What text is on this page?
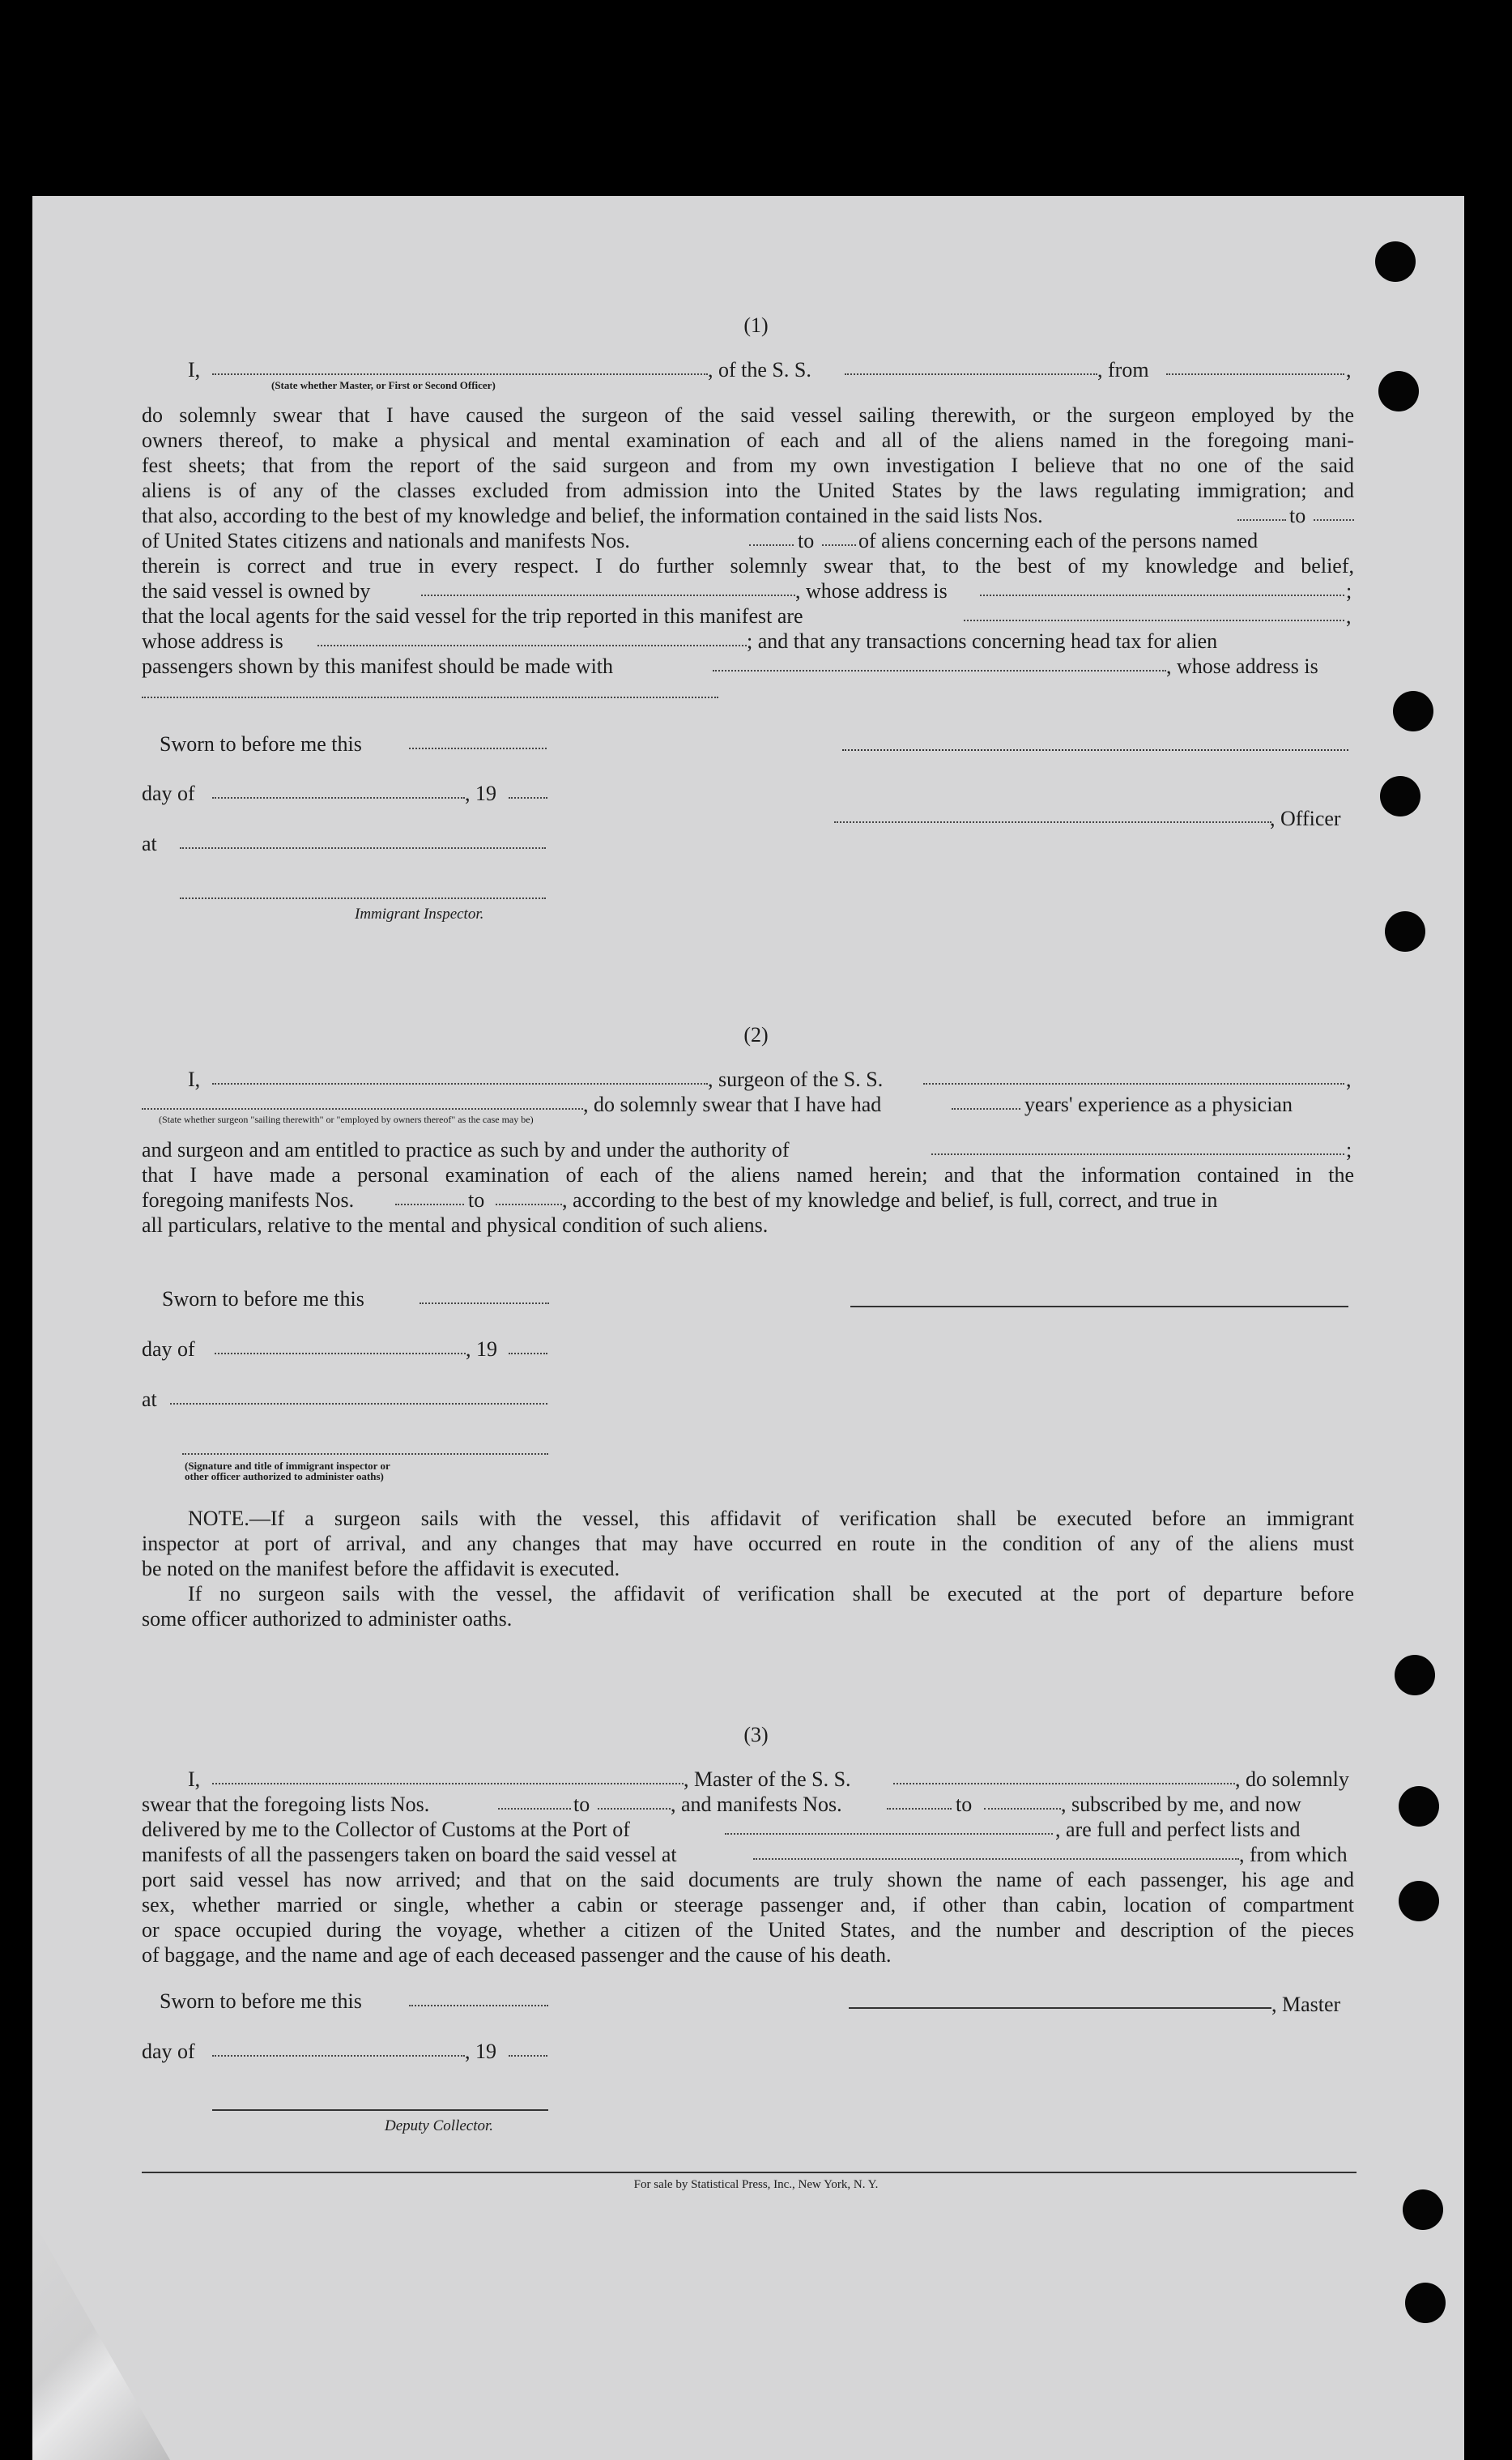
(1)
I,	, of the S. S.	, from	,
(State whether Master, or First or Second Officer)
do solemnly swear that I have caused the surgeon of the said vessel sailing therewith, or the surgeon employed by the
owners thereof, to make a physical and mental examination of each and all of the aliens named in the foregoing mani-
fest sheets; that from the report of the said surgeon and from my own investigation I believe that no one of the said
aliens is of any of the classes excluded from admission into the United States by the laws regulating immigration; and
that also, according to the best of my knowledge and belief, the information contained in the said lists Nos.	to
of United States citizens and nationals and manifests Nos.	to of aliens concerning each of the persons named
therein is correct and true in every respect. I do further solemnly swear that, to the best of my knowledge and belief,
the said vessel is owned by	, whose address is	;
that the local agents for the said vessel for the trip reported in this manifest are	,
whose address is	; and that any transactions concerning head tax for alien
passengers shown by this manifest should be made with	, whose address is
Sworn to before me this
day of	, 19
, Officer
at
Immigrant Inspector.
(2)
I,	, surgeon of the S. S.	,
, do solemnly swear that I have had	years' experience as a physician
(State whether surgeon "sailing therewith" or "employed by owners thereof" as the case may be)
and surgeon and am entitled to practice as such by and under the authority of	;
that I have made a personal examination of each of the aliens named herein; and that the information contained in the
foregoing manifests Nos.	to	, according to the best of my knowledge and belief, is full, correct, and true in
all particulars, relative to the mental and physical condition of such aliens.
Sworn to before me this
day of	, 19
at
(Signature and title of immigrant inspector or
other officer authorized to administer oaths)
NOTE.—If a surgeon sails with the vessel, this affidavit of verification shall be executed before an immigrant
inspector at port of arrival, and any changes that may have occurred en route in the condition of any of the aliens must
be noted on the manifest before the affidavit is executed.
If no surgeon sails with the vessel, the affidavit of verification shall be executed at the port of departure before
some officer authorized to administer oaths.
(3)
I,	, Master of the S. S.	, do solemnly
swear that the foregoing lists Nos.	to	, and manifests Nos.	to	, subscribed by me, and now
delivered by me to the Collector of Customs at the Port of	, are full and perfect lists and
manifests of all the passengers taken on board the said vessel at	, from which
port said vessel has now arrived; and that on the said documents are truly shown the name of each passenger, his age and
sex, whether married or single, whether a cabin or steerage passenger and, if other than cabin, location of compartment
or space occupied during the voyage, whether a citizen of the United States, and the number and description of the pieces
of baggage, and the name and age of each deceased passenger and the cause of his death.
Sworn to before me this	, Master
day of	, 19
Deputy Collector.
For sale by Statistical Press, Inc., New York, N. Y.
